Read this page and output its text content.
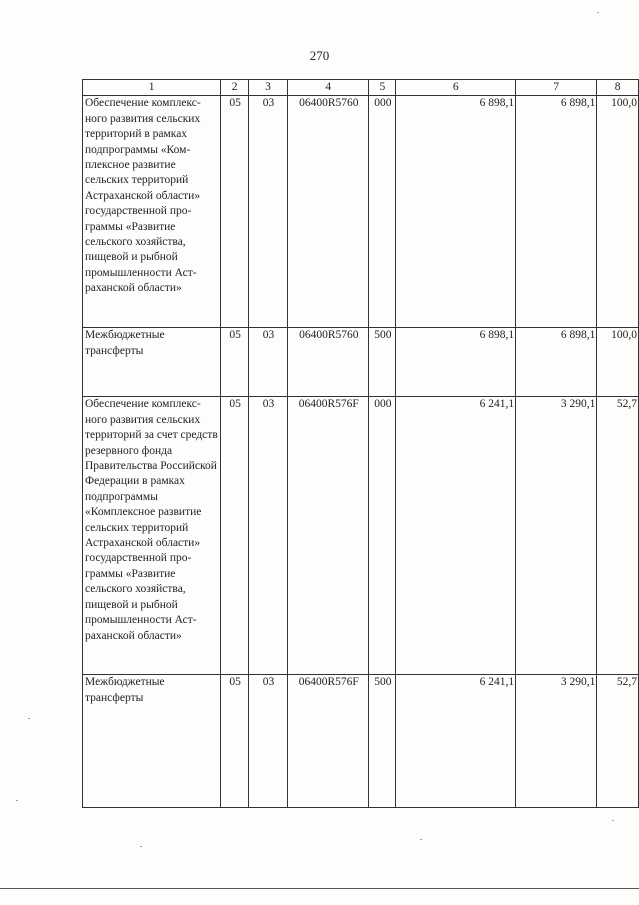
270
1	2	3	4	5	6	7	8
Обеспечение комплекс-ного развития сельских территорий в рамках подпрограммы «Ком-плексное развитие сельских территорий Астраханской области» государственной про-граммы «Развитие сельского хозяйства, пищевой и рыбной промышленности Аст-раханской области»	05	03	06400R5760	000	6 898,1	6 898,1	100,0
Межбюджетные трансферты	05	03	06400R5760	500	6 898,1	6 898,1	100,0
Обеспечение комплекс-ного развития сельских территорий за счет средств резервного фонда Правительства Российской Федерации в рамках подпрограммы «Комплексное развитие сельских территорий Астраханской области» государственной про-граммы «Развитие сельского хозяйства, пищевой и рыбной промышленности Аст-раханской области»	05	03	06400R576F	000	6 241,1	3 290,1	52,7
Межбюджетные трансферты	05	03	06400R576F	500	6 241,1	3 290,1	52,7
